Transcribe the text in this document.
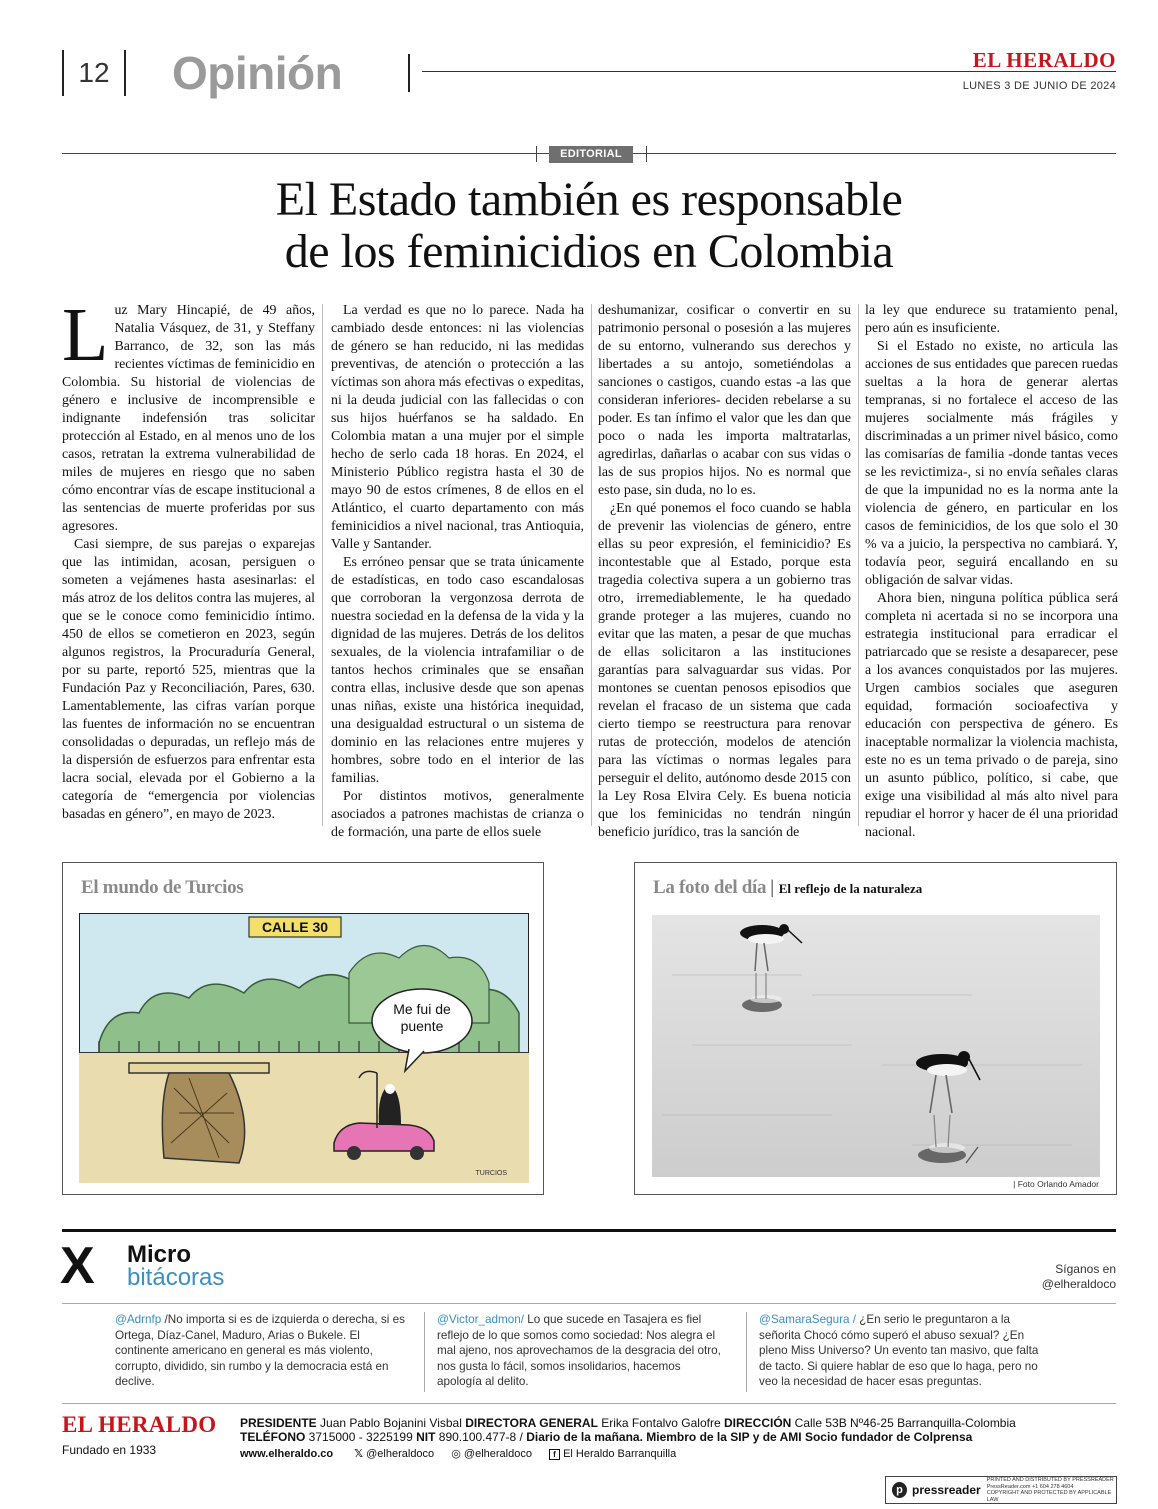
12	Opinión	EL HERALDO
LUNES 3 DE JUNIO DE 2024
EDITORIAL
El Estado también es responsable
de los feminicidios en Colombia
L uz Mary Hincapié, de 49 años, Natalia Vásquez, de 31, y Steffany Barranco, de 32, son las más recientes víctimas de feminicidio en Colombia. Su historial de violencias de género e inclusive de incomprensible e indignante indefensión tras solicitar protección al Estado, en al menos uno de los casos, retratan la extrema vulnerabilidad de miles de mujeres en riesgo que no saben cómo encontrar vías de escape institucional a las sentencias de muerte proferidas por sus agresores.

Casi siempre, de sus parejas o exparejas que las intimidan, acosan, persiguen o someten a vejámenes hasta asesinarlas: el más atroz de los delitos contra las mujeres, al que se le conoce como feminicidio íntimo. 450 de ellos se cometieron en 2023, según algunos registros, la Procuraduría General, por su parte, reportó 525, mientras que la Fundación Paz y Reconciliación, Pares, 630. Lamentablemente, las cifras varían porque las fuentes de información no se encuentran consolidadas o depuradas, un reflejo más de la dispersión de esfuerzos para enfrentar esta lacra social, elevada por el Gobierno a la categoría de “emergencia por violencias basadas en género”, en mayo de 2023.

La verdad es que no lo parece. Nada ha cambiado desde entonces: ni las violencias de género se han reducido, ni las medidas preventivas, de atención o protección a las víctimas son ahora más efectivas o expeditas, ni la deuda judicial con las fallecidas o con sus hijos huérfanos se ha saldado. En Colombia matan a una mujer por el simple hecho de serlo cada 18 horas. En 2024, el Ministerio Público registra hasta el 30 de mayo 90 de estos crímenes, 8 de ellos en el Atlántico, el cuarto departamento con más feminicidios a nivel nacional, tras Antioquia, Valle y Santander.

Es erróneo pensar que se trata únicamente de estadísticas, en todo caso escandalosas que corroboran la vergonzosa derrota de nuestra sociedad en la defensa de la vida y la dignidad de las mujeres. Detrás de los delitos sexuales, de la violencia intrafamiliar o de tantos hechos criminales que se ensañan contra ellas, inclusive desde que son apenas unas niñas, existe una histórica inequidad, una desigualdad estructural o un sistema de dominio en las relaciones entre mujeres y hombres, sobre todo en el interior de las familias.

Por distintos motivos, generalmente asociados a patrones machistas de crianza o de formación, una parte de ellos suele

deshumanizar, cosificar o convertir en su patrimonio personal o posesión a las mujeres de su entorno, vulnerando sus derechos y libertades a su antojo, sometiéndolas a sanciones o castigos, cuando estas -a las que consideran inferiores- deciden rebelarse a su poder. Es tan ínfimo el valor que les dan que poco o nada les importa maltratarlas, agredirlas, dañarlas o acabar con sus vidas o las de sus propios hijos. No es normal que esto pase, sin duda, no lo es.

¿En qué ponemos el foco cuando se habla de prevenir las violencias de género, entre ellas su peor expresión, el feminicidio? Es incontestable que al Estado, porque esta tragedia colectiva supera a un gobierno tras otro, irremediablemente, le ha quedado grande proteger a las mujeres, cuando no evitar que las maten, a pesar de que muchas de ellas solicitaron a las instituciones garantías para salvaguardar sus vidas. Por montones se cuentan penosos episodios que revelan el fracaso de un sistema que cada cierto tiempo se reestructura para renovar rutas de protección, modelos de atención para las víctimas o normas legales para perseguir el delito, autónomo desde 2015 con la Ley Rosa Elvira Cely. Es buena noticia que los feminicidas no tendrán ningún beneficio jurídico, tras la sanción de

la ley que endurece su tratamiento penal, pero aún es insuficiente.

Si el Estado no existe, no articula las acciones de sus entidades que parecen ruedas sueltas a la hora de generar alertas tempranas, si no fortalece el acceso de las mujeres socialmente más frágiles y discriminadas a un primer nivel básico, como las comisarías de familia -donde tantas veces se les revictimiza-, si no envía señales claras de que la impunidad no es la norma ante la violencia de género, en particular en los casos de feminicidios, de los que solo el 30 % va a juicio, la perspectiva no cambiará. Y, todavía peor, seguirá encallando en su obligación de salvar vidas.

Ahora bien, ninguna política pública será completa ni acertada si no se incorpora una estrategia institucional para erradicar el patriarcado que se resiste a desaparecer, pese a los avances conquistados por las mujeres. Urgen cambios sociales que aseguren equidad, formación socioafectiva y educación con perspectiva de género. Es inaceptable normalizar la violencia machista, este no es un tema privado o de pareja, sino un asunto público, político, si cabe, que exige una visibilidad al más alto nivel para repudiar el horror y hacer de él una prioridad nacional.

El mundo de Turcios
CALLE 30
Me fui de puente
TURCIOS
La foto del día | El reflejo de la naturaleza
| Foto Orlando Amador
X Micro
bitácoras	Síganos en
@elheraldoco
@Adrnfp /No importa si es de izquierda o derecha, si es Ortega, Díaz-Canel, Maduro, Arias o Bukele. El continente americano en general es más violento, corrupto, dividido, sin rumbo y la democracia está en declive.
@Victor_admon/ Lo que sucede en Tasajera es fiel reflejo de lo que somos como sociedad: Nos alegra el mal ajeno, nos aprovechamos de la desgracia del otro, nos gusta lo fácil, somos insolidarios, hacemos apología al delito.
@SamaraSegura / ¿En serio le preguntaron a la señorita Chocó cómo superó el abuso sexual? ¿En pleno Miss Universo? Un evento tan masivo, que falta de tacto. Si quiere hablar de eso que lo haga, pero no veo la necesidad de hacer esas preguntas.
EL HERALDO
Fundado en 1933
PRESIDENTE Juan Pablo Bojanini Visbal DIRECTORA GENERAL Erika Fontalvo Galofre DIRECCIÓN Calle 53B Nº46-25 Barranquilla-Colombia
TELÉFONO 3715000 - 3225199 NIT 890.100.477-8 / Diario de la mañana. Miembro de la SIP y de AMI Socio fundador de Colprensa
www.elheraldo.co 𝕏 @elheraldoco ◎ @elheraldoco	f El Heraldo Barranquilla
p pressreader
PRINTED AND DISTRIBUTED BY PRESSREADER
PressReader.com +1 604 278 4604
COPYRIGHT AND PROTECTED BY APPLICABLE LAW
